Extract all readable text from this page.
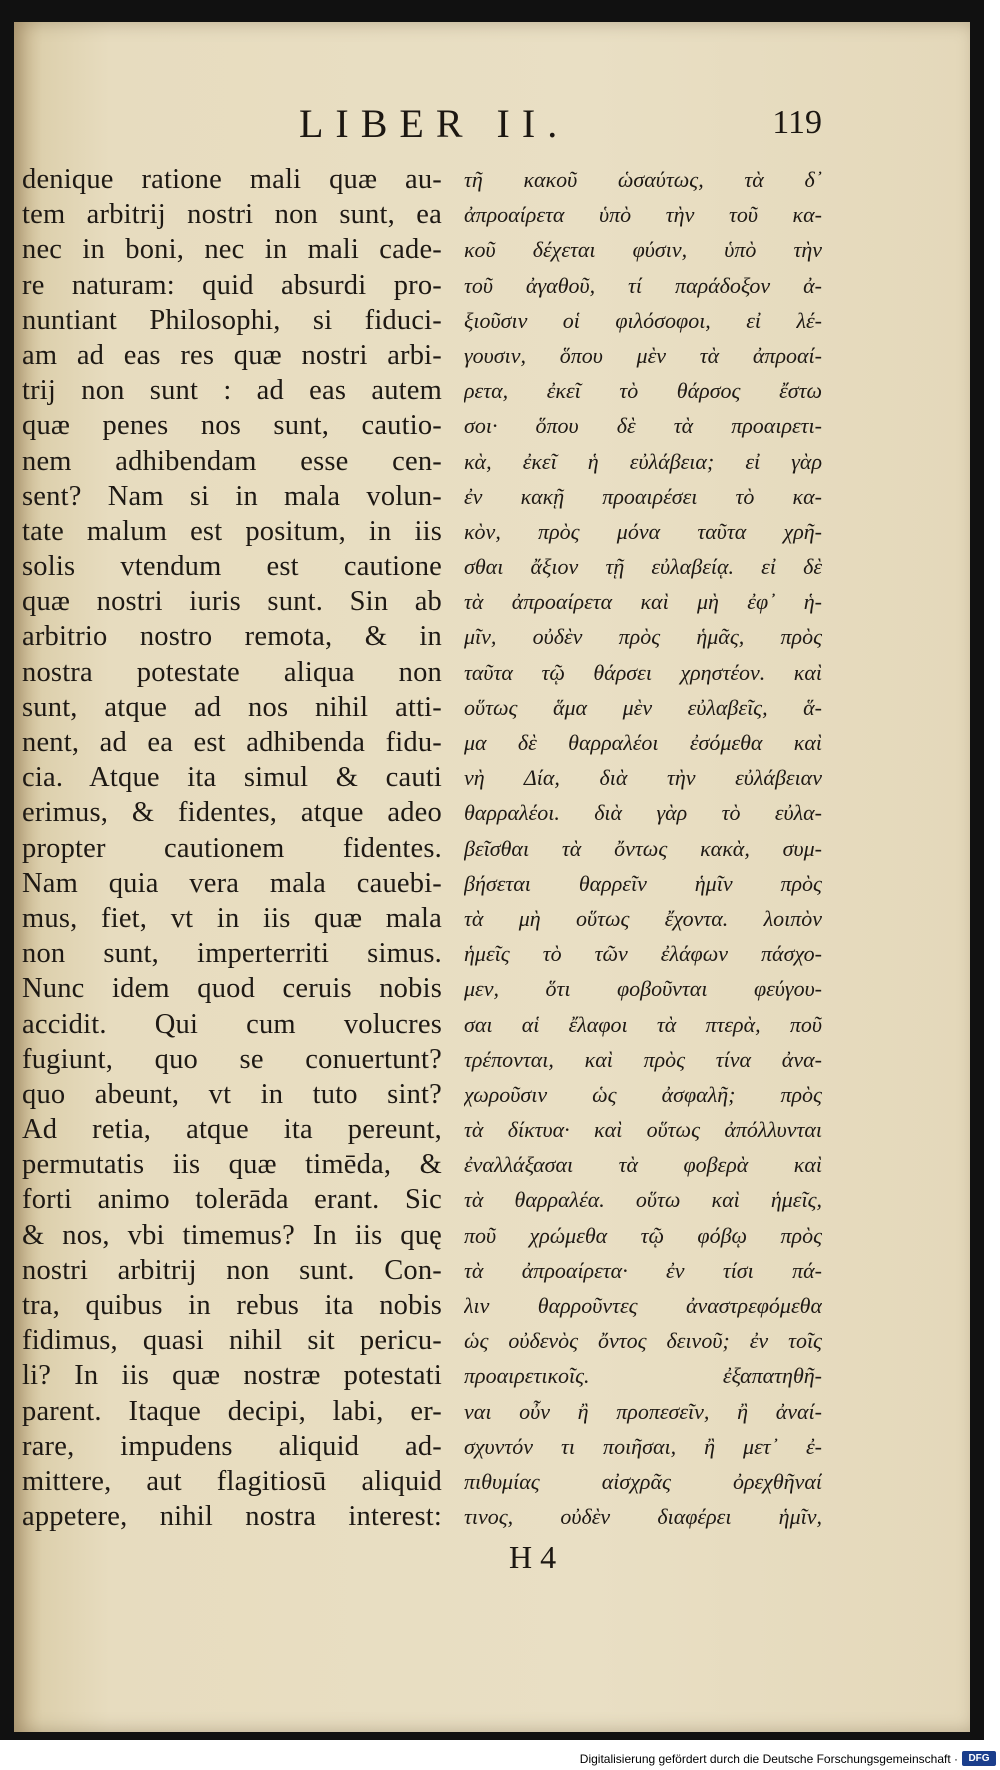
LIBER II.	119
denique ratione mali quæ au-
tem arbitrij nostri non sunt, ea
nec in boni, nec in mali cade-
re naturam: quid absurdi pro-
nuntiant Philosophi, si fiduci-
am ad eas res quæ nostri arbi-
trij non sunt : ad eas autem
quæ penes nos sunt, cautio-
nem adhibendam esse cen-
sent? Nam si in mala volun-
tate malum est positum, in iis
solis vtendum est cautione
quæ nostri iuris sunt. Sin ab
arbitrio nostro remota, & in
nostra potestate aliqua non
sunt, atque ad nos nihil atti-
nent, ad ea est adhibenda fidu-
cia. Atque ita simul & cauti
erimus, & fidentes, atque adeo
propter cautionem fidentes.
Nam quia vera mala cauebi-
mus, fiet, vt in iis quæ mala
non sunt, imperterriti simus.
Nunc idem quod ceruis nobis
accidit. Qui cum volucres
fugiunt, quo se conuertunt?
quo abeunt, vt in tuto sint?
Ad retia, atque ita pereunt,
permutatis iis quæ timēda, &
forti animo tolerāda erant. Sic
& nos, vbi timemus? In iis quę
nostri arbitrij non sunt. Con-
tra, quibus in rebus ita nobis
fidimus, quasi nihil sit pericu-
li? In iis quæ nostræ potestati
parent. Itaque decipi, labi, er-
rare, impudens aliquid ad-
mittere, aut flagitiosū aliquid
appetere, nihil nostra interest:
τῆ κακοῦ ὡσαύτως, τὰ δ᾽
ἀπροαίρετα ὑπὸ τὴν τοῦ κα-
κοῦ δέχεται φύσιν, ὑπὸ τὴν
τοῦ ἀγαθοῦ, τί παράδοξον ἀ-
ξιοῦσιν οἱ φιλόσοφοι, εἰ λέ-
γουσιν, ὅπου μὲν τὰ ἀπροαί-
ρετα, ἐκεῖ τὸ θάρσος ἔστω
σοι· ὅπου δὲ τὰ προαιρετι-
κὰ, ἐκεῖ ἡ εὐλάβεια; εἰ γὰρ
ἐν κακῇ προαιρέσει τὸ κα-
κὸν, πρὸς μόνα ταῦτα χρῆ-
σθαι ἄξιον τῇ εὐλαβείᾳ. εἰ δὲ
τὰ ἀπροαίρετα καὶ μὴ ἐφ᾽ ἡ-
μῖν, οὐδὲν πρὸς ἡμᾶς, πρὸς
ταῦτα τῷ θάρσει χρηστέον. καὶ
οὕτως ἅμα μὲν εὐλαβεῖς, ἅ-
μα δὲ θαρραλέοι ἐσόμεθα καὶ
νὴ Δία, διὰ τὴν εὐλάβειαν
θαρραλέοι. διὰ γὰρ τὸ εὐλα-
βεῖσθαι τὰ ὄντως κακὰ, συμ-
βήσεται θαρρεῖν ἡμῖν πρὸς
τὰ μὴ οὕτως ἔχοντα. λοιπὸν
ἡμεῖς τὸ τῶν ἐλάφων πάσχο-
μεν, ὅτι φοβοῦνται φεύγου-
σαι αἱ ἔλαφοι τὰ πτερὰ, ποῦ
τρέπονται, καὶ πρὸς τίνα ἀνα-
χωροῦσιν ὡς ἀσφαλῆ; πρὸς
τὰ δίκτυα· καὶ οὕτως ἀπόλλυνται
ἐναλλάξασαι τὰ φοβερὰ καὶ
τὰ θαρραλέα. οὕτω καὶ ἡμεῖς,
ποῦ χρώμεθα τῷ φόβῳ πρὸς
τὰ ἀπροαίρετα· ἐν τίσι πά-
λιν θαρροῦντες ἀναστρεφόμεθα
ὡς οὐδενὸς ὄντος δεινοῦ; ἐν τοῖς
προαιρετικοῖς. ἐξαπατηθῆ-
ναι οὖν ἢ προπεσεῖν, ἢ ἀναί-
σχυντόν τι ποιῆσαι, ἢ μετ᾽ ἐ-
πιθυμίας αἰσχρᾶς ὀρεχθῆναί
τινος, οὐδὲν διαφέρει ἡμῖν,
H 4
Digitalisierung gefördert durch die Deutsche Forschungsgemeinschaft ·	DFG
